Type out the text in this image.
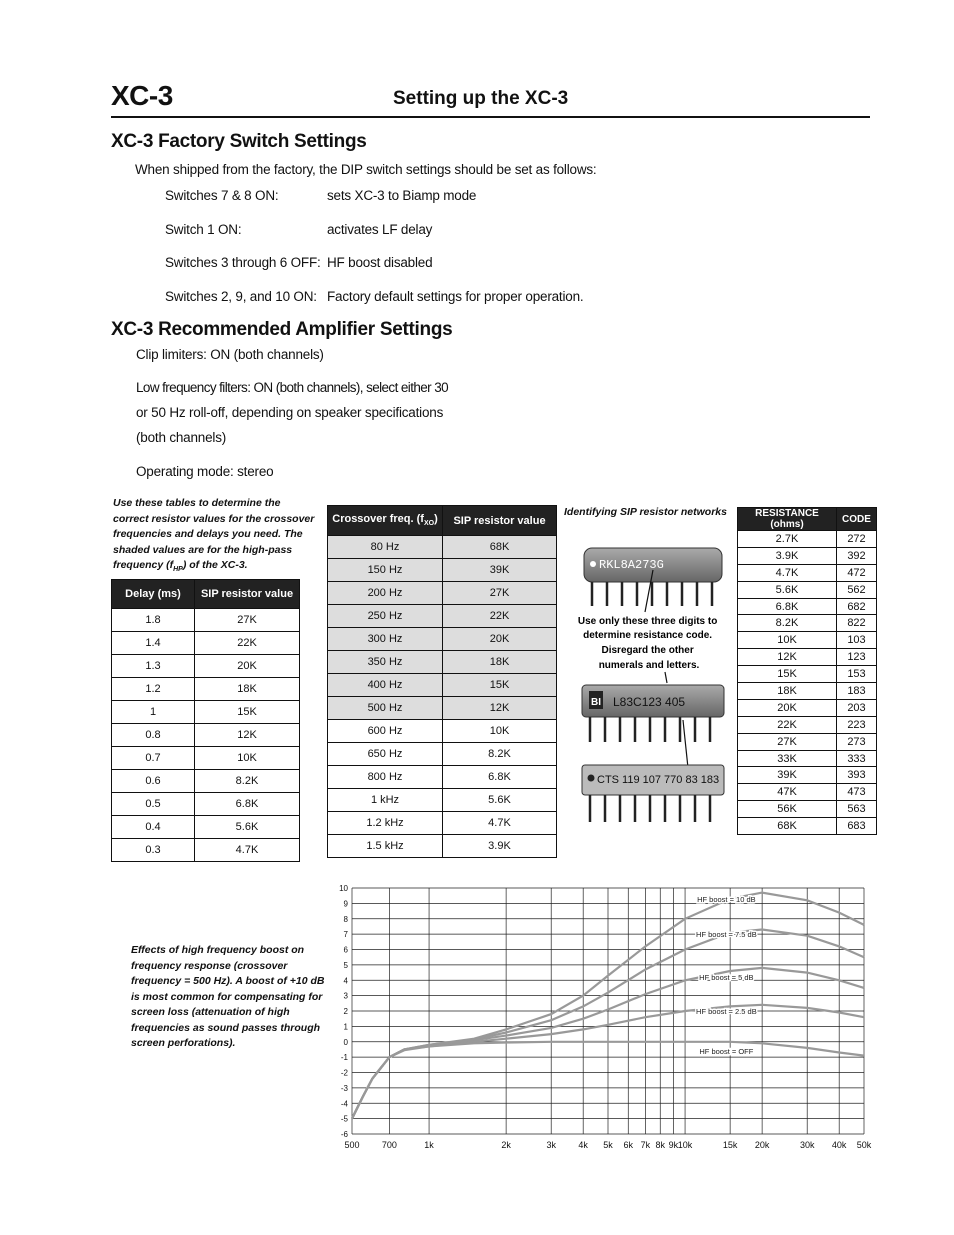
XC-3	Setting up the XC-3
XC-3 Factory Switch Settings
When shipped from the factory, the DIP switch settings should be set as follows:
Switches 7 & 8 ON:	sets XC-3 to Biamp mode
Switch 1 ON:	activates LF delay
Switches 3 through 6 OFF: HF boost disabled
Switches 2, 9, and 10 ON: Factory default settings for proper operation.
XC-3 Recommended Amplifier Settings
Clip limiters: ON (both channels)
Low frequency filters: ON (both channels), select either 30
or 50 Hz roll-off, depending on speaker specifications
(both channels)
Operating mode: stereo
Use these tables to determine the
correct resistor values for the crossover
frequencies and delays you need. The
shaded values are for the high-pass
frequency $(f_{HP})$ of the XC-3.
Delay (ms)	SIP resistor value
1.8	27K
1.4	22K
1.3	20K
1.2	18K
1	15K
0.8	12K
0.7	10K
0.6	8.2K
0.5	6.8K
0.4	5.6K
0.3	4.7K
Crossover freq. $(f_{XO})$	SIP resistor value
80 Hz	68K
150 Hz	39K
200 Hz	27K
250 Hz	22K
300 Hz	20K
350 Hz	18K
400 Hz	15K
500 Hz	12K
600 Hz	10K
650 Hz	8.2K
800 Hz	6.8K
1 kHz	5.6K
1.2 kHz	4.7K
1.5 kHz	3.9K
Identifying SIP resistor networks
RKL8A273G
Use only these three digits to determine resistance code. Disregard the other numerals and letters.
BI L83C123 405
CTS 119 107 770 83 183
RESISTANCE (ohms)	CODE
2.7K	272
3.9K	392
4.7K	472
5.6K	562
6.8K	682
8.2K	822
10K	103
12K	123
15K	153
18K	183
20K	203
22K	223
27K	273
33K	333
39K	393
47K	473
56K	563
68K	683
Effects of high frequency boost on
frequency response (crossover
frequency = 500 Hz). A boost of +10 dB
is most common for compensating for
screen loss (attenuation of high
frequencies as sound passes through
screen perforations).
-6
-5
-4
-3
-2
-1
0
1
2
3
4
5
6
7
8
9
10
500 700	1k	2k	3k 4k 5k 6k 7k 8k 9k 10k	15k 20k	30k 40k 50k
HF boost = 10 dB
HF boost = 7.5 dB
HF boost = 5 dB
HF boost = 2.5 dB
HF boost = OFF
